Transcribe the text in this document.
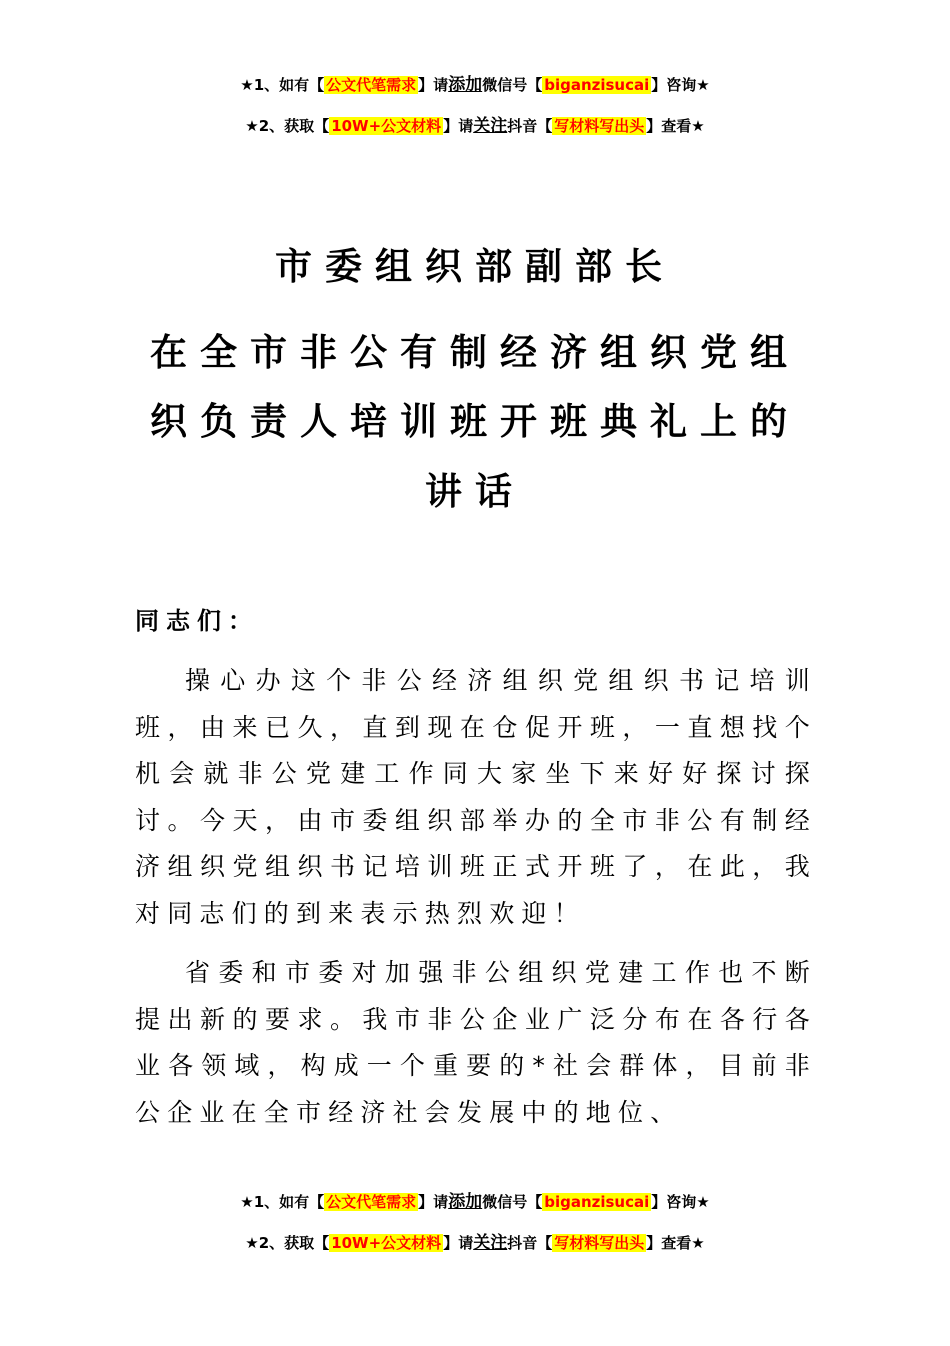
★1、如有【 公文代笔需求 】请添加微信号【 biganzisucai 】咨询★
★2、获取【 10W+公文材料 】请关注抖音【 写材料写出头 】查看★
市委组织部副部长
在全市非公有制经济组织党组
织负责人培训班开班典礼上的
讲话
同志们：

操心办这个非公经济组织党组织书记培训班，由来已久，直到现在仓促开班，一直想找个机会就非公党建工作同大家坐下来好好探讨探讨。今天，由市委组织部举办的全市非公有制经济组织党组织书记培训班正式开班了，在此，我对同志们的到来表示热烈欢迎！

省委和市委对加强非公组织党建工作也不断提出新的要求。我市非公企业广泛分布在各行各业各领域，构成一个重要的*社会群体，目前非公企业在全市经济社会发展中的地位、

★1、如有【 公文代笔需求 】请添加微信号【 biganzisucai 】咨询★
★2、获取【 10W+公文材料 】请关注抖音【 写材料写出头 】查看★
